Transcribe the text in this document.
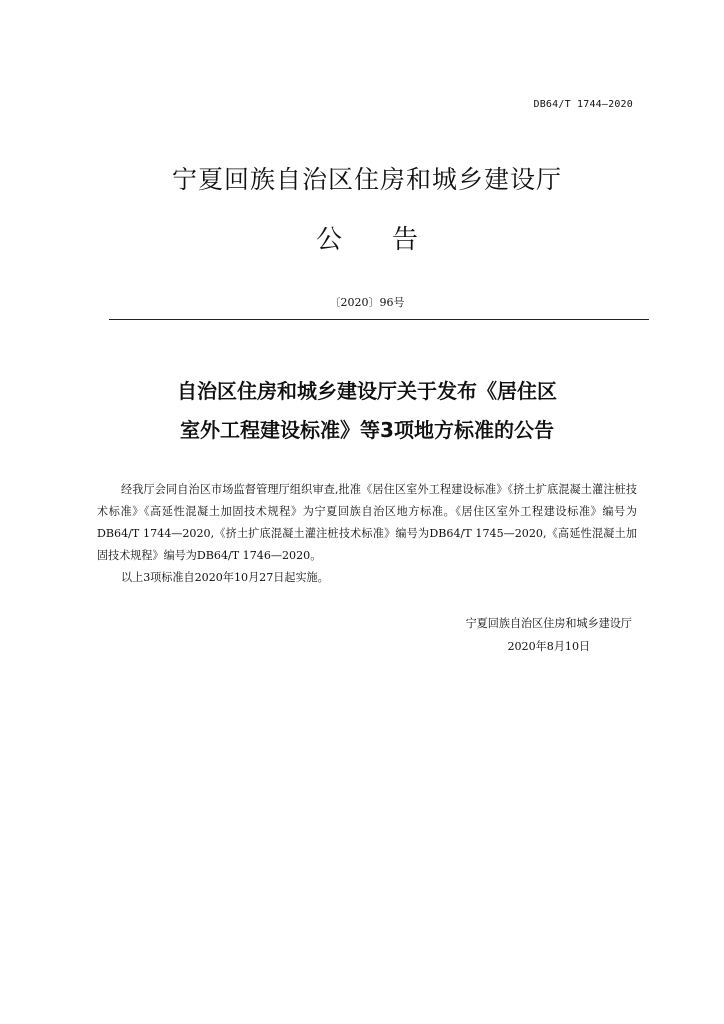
DB64/T 1744—2020
宁夏回族自治区住房和城乡建设厅
公 告
〔2020〕96号
自治区住房和城乡建设厅关于发布《居住区
室外工程建设标准》等3项地方标准的公告

经我厅会同自治区市场监督管理厅组织审查,批准《居住区室外工程建设标准》《挤土扩底混凝土灌注桩技术标准》《高延性混凝土加固技术规程》为宁夏回族自治区地方标准。《居住区室外工程建设标准》编号为DB64/T 1744—2020,《挤土扩底混凝土灌注桩技术标准》编号为DB64/T 1745—2020,《高延性混凝土加固技术规程》编号为DB64/T 1746—2020。

以上3项标准自2020年10月27日起实施。

宁夏回族自治区住房和城乡建设厅
2020年8月10日
